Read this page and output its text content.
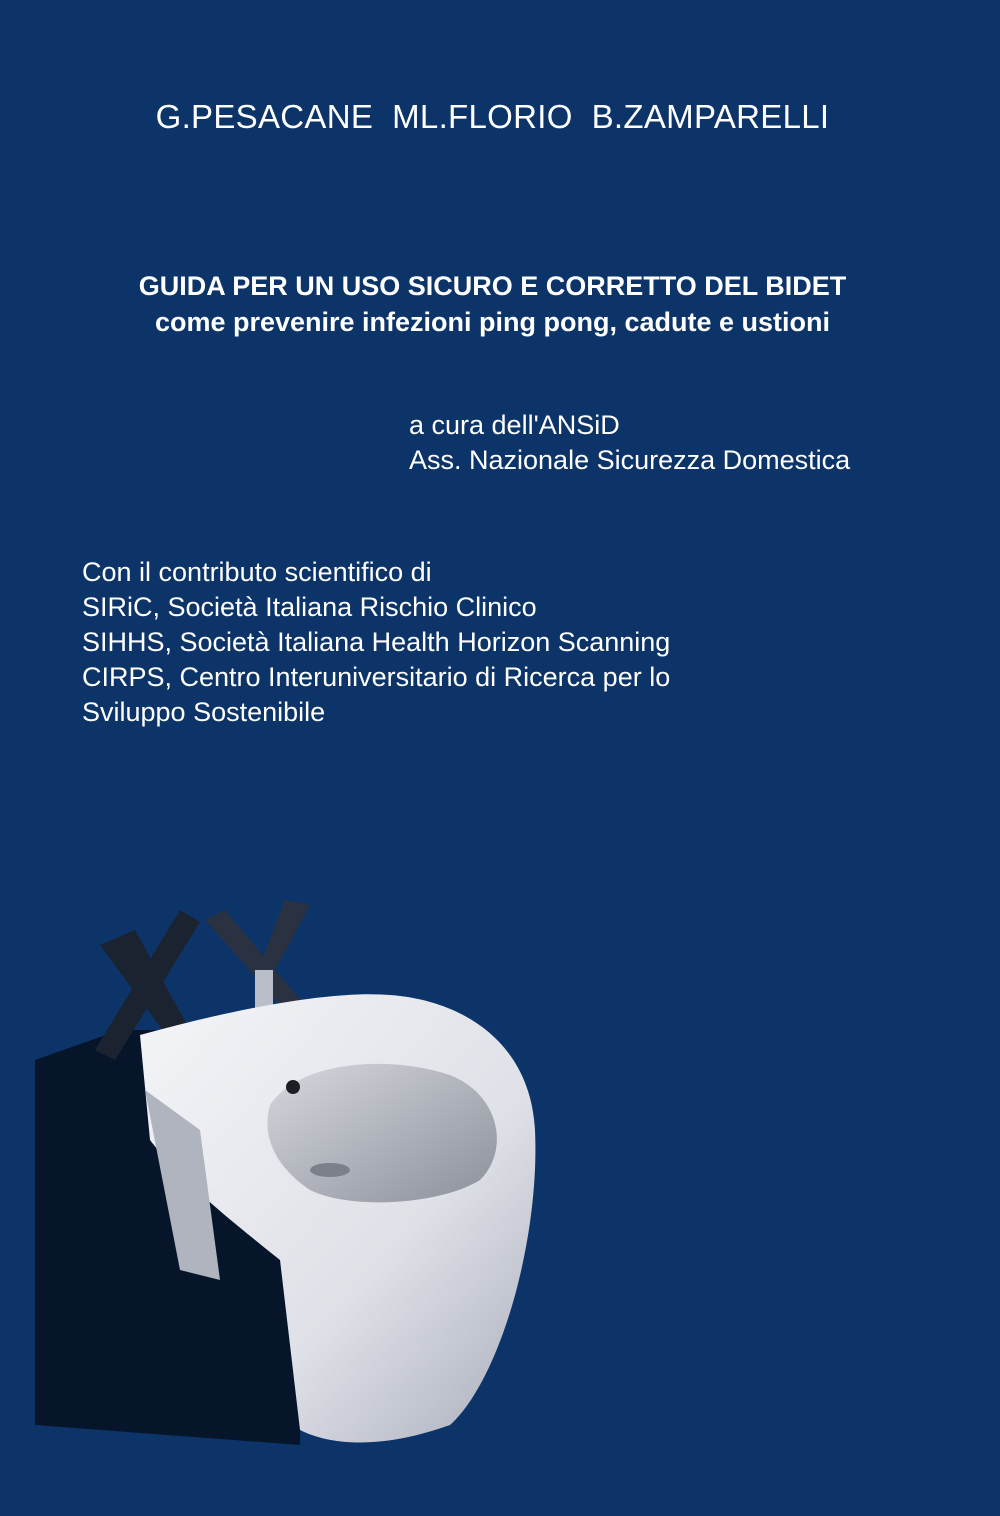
G.PESACANE  ML.FLORIO  B.ZAMPARELLI
GUIDA PER UN USO SICURO E CORRETTO DEL BIDET
come prevenire infezioni ping pong, cadute e ustioni
a cura dell'ANSiD
Ass. Nazionale Sicurezza Domestica
Con il contributo scientifico di
SIRiC, Società Italiana Rischio Clinico
SIHHS, Società Italiana Health Horizon Scanning
CIRPS, Centro Interuniversitario di Ricerca per lo
Sviluppo Sostenibile
